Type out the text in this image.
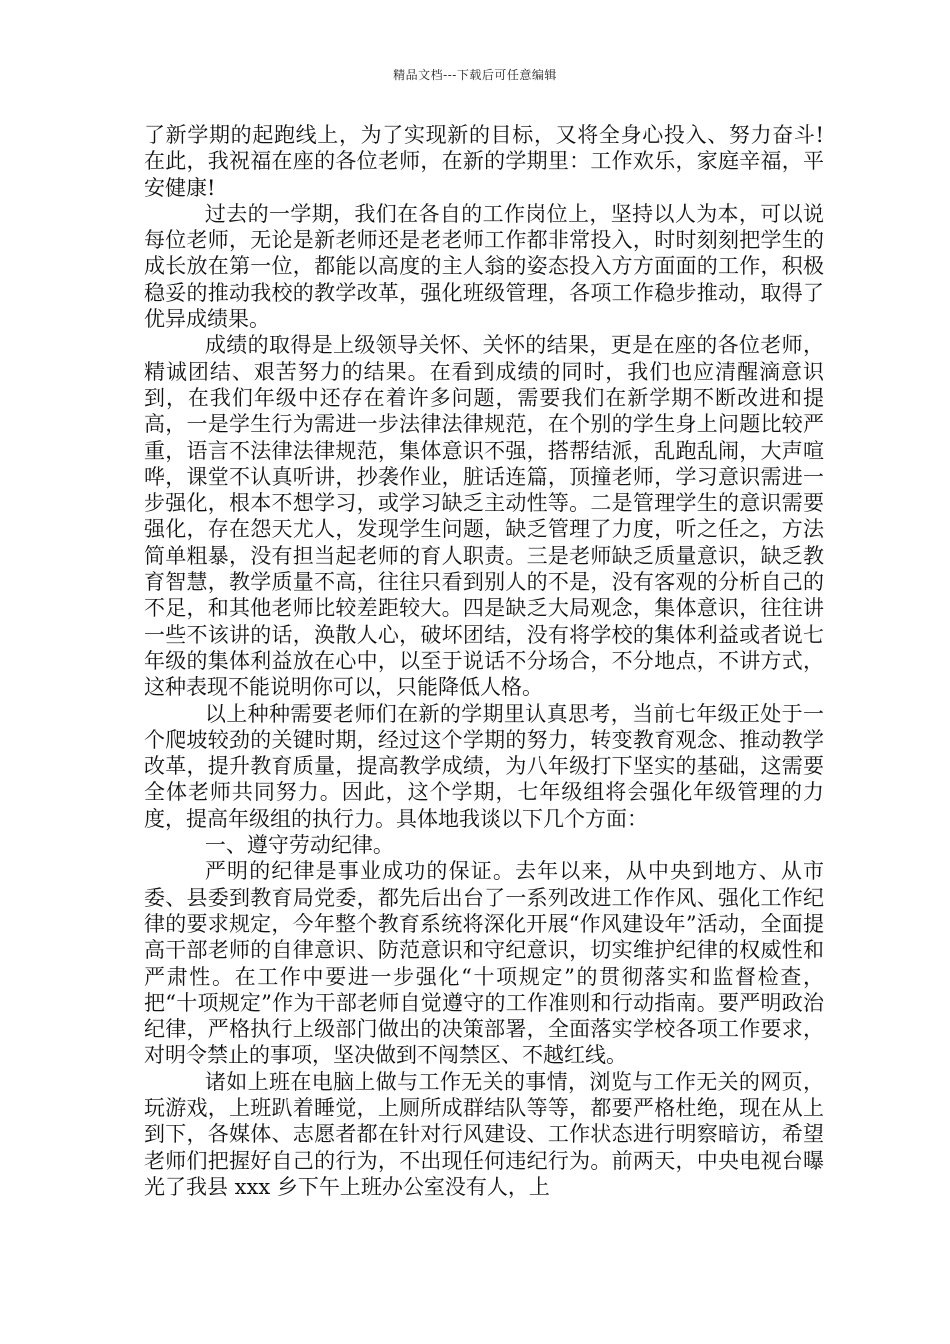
精品文档---下载后可任意编辑

了新学期的起跑线上，为了实现新的目标，又将全身心投入、努力奋斗!在此，我祝福在座的各位老师，在新的学期里：工作欢乐，家庭辛福，平安健康!

过去的一学期，我们在各自的工作岗位上，坚持以人为本，可以说每位老师，无论是新老师还是老老师工作都非常投入，时时刻刻把学生的成长放在第一位，都能以高度的主人翁的姿态投入方方面面的工作，积极稳妥的推动我校的教学改革，强化班级管理，各项工作稳步推动，取得了优异成绩果。

成绩的取得是上级领导关怀、关怀的结果，更是在座的各位老师，精诚团结、艰苦努力的结果。在看到成绩的同时，我们也应清醒滴意识到，在我们年级中还存在着许多问题，需要我们在新学期不断改进和提高，一是学生行为需进一步法律法律规范，在个别的学生身上问题比较严重，语言不法律法律规范，集体意识不强，搭帮结派，乱跑乱闹，大声喧哗，课堂不认真听讲，抄袭作业，脏话连篇，顶撞老师，学习意识需进一步强化，根本不想学习，或学习缺乏主动性等。二是管理学生的意识需要强化，存在怨天尤人，发现学生问题，缺乏管理了力度，听之任之，方法简单粗暴，没有担当起老师的育人职责。三是老师缺乏质量意识，缺乏教育智慧，教学质量不高，往往只看到别人的不是，没有客观的分析自己的不足，和其他老师比较差距较大。四是缺乏大局观念，集体意识，往往讲一些不该讲的话，涣散人心，破坏团结，没有将学校的集体利益或者说七年级的集体利益放在心中，以至于说话不分场合，不分地点，不讲方式，这种表现不能说明你可以，只能降低人格。

以上种种需要老师们在新的学期里认真思考，当前七年级正处于一个爬坡较劲的关键时期，经过这个学期的努力，转变教育观念、推动教学改革，提升教育质量，提高教学成绩，为八年级打下坚实的基础，这需要全体老师共同努力。因此，这个学期，七年级组将会强化年级管理的力度，提高年级组的执行力。具体地我谈以下几个方面：

一、遵守劳动纪律。

严明的纪律是事业成功的保证。去年以来，从中央到地方、从市委、县委到教育局党委，都先后出台了一系列改进工作作风、强化工作纪律的要求规定，今年整个教育系统将深化开展“作风建设年”活动，全面提高干部老师的自律意识、防范意识和守纪意识，切实维护纪律的权威性和严肃性。在工作中要进一步强化“十项规定”的贯彻落实和监督检查，把“十项规定”作为干部老师自觉遵守的工作准则和行动指南。要严明政治纪律，严格执行上级部门做出的决策部署，全面落实学校各项工作要求，对明令禁止的事项，坚决做到不闯禁区、不越红线。

诸如上班在电脑上做与工作无关的事情，浏览与工作无关的网页，玩游戏，上班趴着睡觉，上厕所成群结队等等，都要严格杜绝，现在从上到下，各媒体、志愿者都在针对行风建设、工作状态进行明察暗访，希望老师们把握好自己的行为，不出现任何违纪行为。前两天，中央电视台曝光了我县 xxx 乡下午上班办公室没有人，上
